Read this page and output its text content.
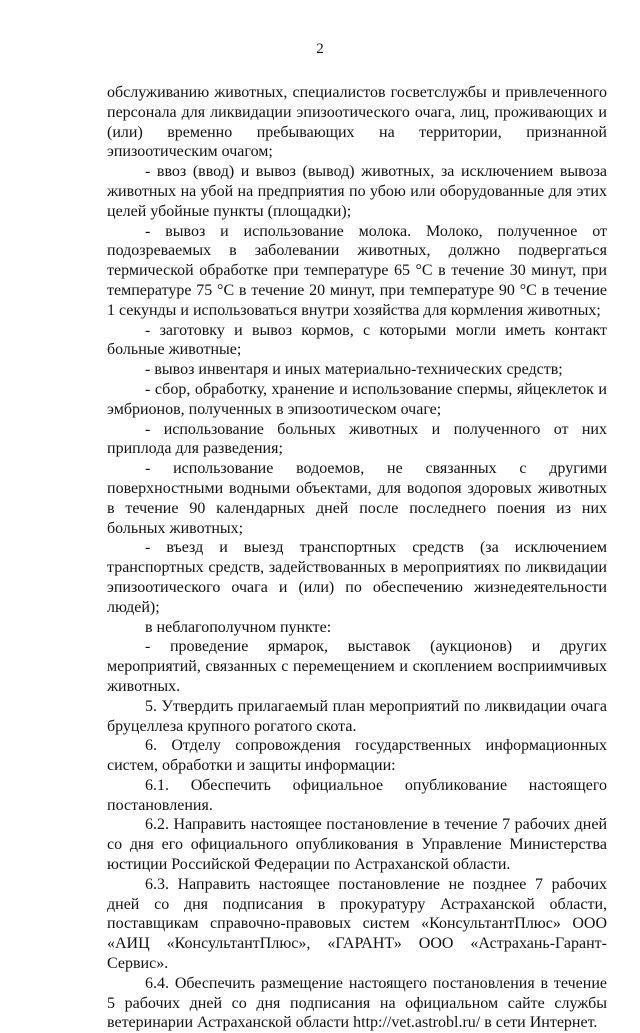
2

обслуживанию животных, специалистов госветслужбы и привлеченного персонала для ликвидации эпизоотического очага, лиц, проживающих и (или) временно пребывающих на территории, признанной эпизоотическим очагом;

- ввоз (ввод) и вывоз (вывод) животных, за исключением вывоза животных на убой на предприятия по убою или оборудованные для этих целей убойные пункты (площадки);

- вывоз и использование молока. Молоко, полученное от подозреваемых в заболевании животных, должно подвергаться термической обработке при температуре 65 °С в течение 30 минут, при температуре 75 °С в течение 20 минут, при температуре 90 °С в течение 1 секунды и использоваться внутри хозяйства для кормления животных;

- заготовку и вывоз кормов, с которыми могли иметь контакт больные животные;

- вывоз инвентаря и иных материально-технических средств;

- сбор, обработку, хранение и использование спермы, яйцеклеток и эмбрионов, полученных в эпизоотическом очаге;

- использование больных животных и полученного от них приплода для разведения;

- использование водоемов, не связанных с другими поверхностными водными объектами, для водопоя здоровых животных в течение 90 календарных дней после последнего поения из них больных животных;

- въезд и выезд транспортных средств (за исключением транспортных средств, задействованных в мероприятиях по ликвидации эпизоотического очага и (или) по обеспечению жизнедеятельности людей);

в неблагополучном пункте:

- проведение ярмарок, выставок (аукционов) и других мероприятий, связанных с перемещением и скоплением восприимчивых животных.

5. Утвердить прилагаемый план мероприятий по ликвидации очага бруцеллеза крупного рогатого скота.

6. Отделу сопровождения государственных информационных систем, обработки и защиты информации:

6.1. Обеспечить официальное опубликование настоящего постановления.

6.2. Направить настоящее постановление в течение 7 рабочих дней со дня его официального опубликования в Управление Министерства юстиции Российской Федерации по Астраханской области.

6.3. Направить настоящее постановление не позднее 7 рабочих дней со дня подписания в прокуратуру Астраханской области, поставщикам справочно-правовых систем «КонсультантПлюс» ООО «АИЦ «КонсультантПлюс», «ГАРАНТ» ООО «Астрахань-Гарант-Сервис».

6.4. Обеспечить размещение настоящего постановления в течение 5 рабочих дней со дня подписания на официальном сайте службы ветеринарии Астраханской области http://vet.astrobl.ru/ в сети Интернет.
